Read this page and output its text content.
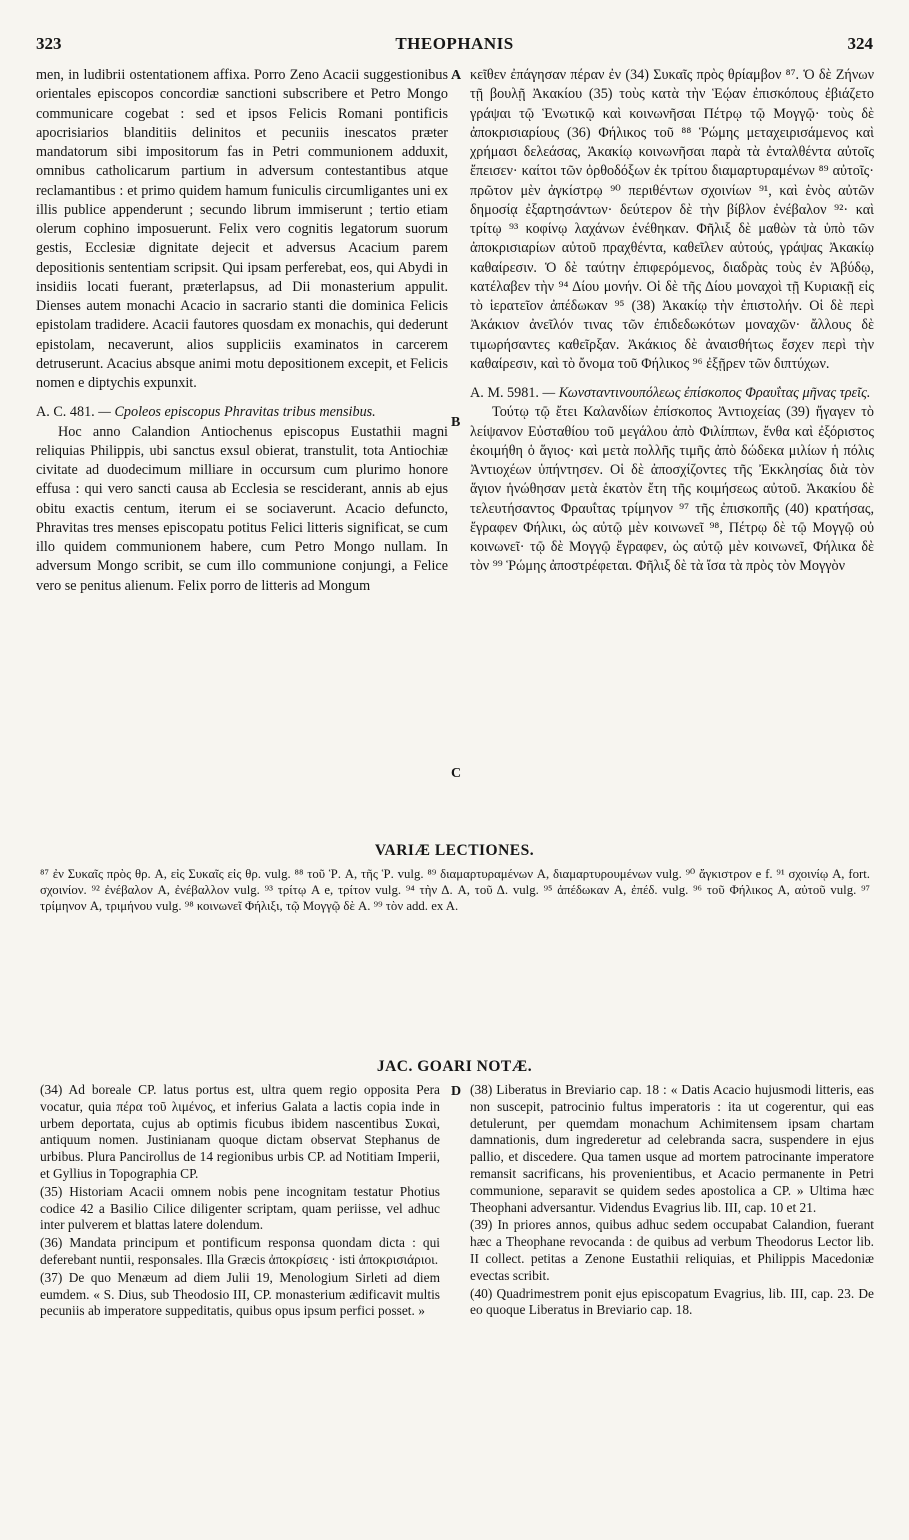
323	THEOPHANIS	324

men, in ludibrii ostentationem affixa. Porro Zeno Acacii suggestionibus orientales episcopos concordiæ sanctioni subscribere et Petro Mongo communicare cogebat : sed et ipsos Felicis Romani pontificis apocrisiarios blanditiis delinitos et pecuniis inescatos præter mandatorum sibi impositorum fas in Petri communionem adduxit, omnibus catholicarum partium in adversum contestantibus atque reclamantibus : et primo quidem hamum funiculis circumligantes uni ex illis publice appenderunt ; secundo librum immiserunt ; tertio etiam olerum cophino imposuerunt. Felix vero cognitis legatorum suorum gestis, Ecclesiæ dignitate dejecit et adversus Acacium parem depositionis sententiam scripsit. Qui ipsam perferebat, eos, qui Abydi in insidiis locati fuerant, præterlapsus, ad Dii monasterium appulit. Dienses autem monachi Acacio in sacrario stanti die dominica Felicis epistolam tradidere. Acacii fautores quosdam ex monachis, qui dederunt epistolam, necaverunt, alios suppliciis examinatos in carcerem detruserunt. Acacius absque animi motu depositionem excepit, et Felicis nomen e diptychis expunxit.

A. C. 481. — Cpoleos episcopus Phravitas tribus mensibus.

Hoc anno Calandion Antiochenus episcopus Eustathii magni reliquias Philippis, ubi sanctus exsul obierat, transtulit, tota Antiochiæ civitate ad duodecimum milliare in occursum cum plurimo honore effusa : qui vero sancti causa ab Ecclesia se resciderant, annis ab ejus obitu exactis centum, iterum ei se sociaverunt. Acacio defuncto, Phravitas tres menses episcopatu potitus Felici litteris significat, se cum illo quidem communionem habere, cum Petro Mongo nullam. In adversum Mongo scribit, se cum illo communione conjungi, a Felice vero se penitus alienum. Felix porro de litteris ad Mongum

A
B
C

κεῖθεν ἐπάγησαν πέραν ἐν (34) Συκαῖς πρὸς θρίαμβον ⁸⁷. Ὁ δὲ Ζήνων τῇ βουλῇ Ἀκακίου (35) τοὺς κατὰ τὴν Ἑῴαν ἐπισκόπους ἐβιάζετο γράψαι τῷ Ἑνωτικῷ καὶ κοινωνῆσαι Πέτρῳ τῷ Μογγῷ· τοὺς δὲ ἀποκρισιαρίους (36) Φήλικος τοῦ ⁸⁸ Ῥώμης μεταχειρισάμενος καὶ χρήμασι δελεάσας, Ἀκακίῳ κοινωνῆσαι παρὰ τὰ ἐνταλθέντα αὐτοῖς ἔπεισεν· καίτοι τῶν ὀρθοδόξων ἐκ τρίτου διαμαρτυραμένων ⁸⁹ αὐτοῖς· πρῶτον μὲν ἀγκίστρῳ ⁹⁰ περιθέντων σχοινίων ⁹¹, καὶ ἑνὸς αὐτῶν δημοσίᾳ ἐξαρτησάντων· δεύτερον δὲ τὴν βίβλον ἐνέβαλον ⁹²· καὶ τρίτῳ ⁹³ κοφίνῳ λαχάνων ἐνέθηκαν. Φῆλιξ δὲ μαθὼν τὰ ὑπὸ τῶν ἀποκρισιαρίων αὐτοῦ πραχθέντα, καθεῖλεν αὐτούς, γράψας Ἀκακίῳ καθαίρεσιν. Ὁ δὲ ταύτην ἐπιφερόμενος, διαδρὰς τοὺς ἐν Ἀβύδῳ, κατέλαβεν τὴν ⁹⁴ Δίου μονήν. Οἱ δὲ τῆς Δίου μοναχοὶ τῇ Κυριακῇ εἰς τὸ ἱερατεῖον ἀπέδωκαν ⁹⁵ (38) Ἀκακίῳ τὴν ἐπιστολήν. Οἱ δὲ περὶ Ἀκάκιον ἀνεῖλόν τινας τῶν ἐπιδεδωκότων μοναχῶν· ἄλλους δὲ τιμωρήσαντες καθεῖρξαν. Ἀκάκιος δὲ ἀναισθήτως ἔσχεν περὶ τὴν καθαίρεσιν, καὶ τὸ ὄνομα τοῦ Φήλικος ⁹⁶ ἐξῇρεν τῶν διπτύχων.

A. M. 5981. — Κωνσταντινουπόλεως ἐπίσκοπος Φραυΐτας μῆνας τρεῖς.

Τούτῳ τῷ ἔτει Καλανδίων ἐπίσκοπος Ἀντιοχείας (39) ἤγαγεν τὸ λείψανον Εὐσταθίου τοῦ μεγάλου ἀπὸ Φιλίππων, ἔνθα καὶ ἐξόριστος ἐκοιμήθη ὁ ἅγιος· καὶ μετὰ πολλῆς τιμῆς ἀπὸ δώδεκα μιλίων ἡ πόλις Ἀντιοχέων ὑπήντησεν. Οἱ δὲ ἀποσχίζοντες τῆς Ἐκκλησίας διὰ τὸν ἅγιον ἡνώθησαν μετὰ ἑκατὸν ἔτη τῆς κοιμήσεως αὐτοῦ. Ἀκακίου δὲ τελευτήσαντος Φραυΐτας τρίμηνον ⁹⁷ τῆς ἐπισκοπῆς (40) κρατήσας, ἔγραφεν Φήλικι, ὡς αὐτῷ μὲν κοινωνεῖ ⁹⁸, Πέτρῳ δὲ τῷ Μογγῷ οὐ κοινωνεῖ· τῷ δὲ Μογγῷ ἔγραφεν, ὡς αὐτῷ μὲν κοινωνεῖ, Φήλικα δὲ τὸν ⁹⁹ Ῥώμης ἀποστρέφεται. Φῆλιξ δὲ τὰ ἴσα τὰ πρὸς τὸν Μογγὸν

VARIÆ LECTIONES.
⁸⁷ ἐν Συκαῖς πρὸς θρ. A, εἰς Συκαῖς εἰς θρ. vulg. ⁸⁸ τοῦ Ῥ. A, τῆς Ῥ. vulg. ⁸⁹ διαμαρτυραμένων A, διαμαρτυρουμένων vulg. ⁹⁰ ἄγκιστρον e f. ⁹¹ σχοινίῳ A, fort. σχοινίον. ⁹² ἐνέβαλον A, ἐνέβαλλον vulg. ⁹³ τρίτῳ A e, τρίτον vulg. ⁹⁴ τὴν Δ. A, τοῦ Δ. vulg. ⁹⁵ ἀπέδωκαν A, ἐπέδ. vulg. ⁹⁶ τοῦ Φήλικος A, αὐτοῦ vulg. ⁹⁷ τρίμηνον A, τριμήνου vulg. ⁹⁸ κοινωνεῖ Φήλιξι, τῷ Μογγῷ δὲ A. ⁹⁹ τὸν add. ex A.
JAC. GOARI NOTÆ.

(34) Ad boreale CP. latus portus est, ultra quem regio opposita Pera vocatur, quia πέρα τοῦ λιμένος, et inferius Galata a lactis copia inde in urbem deportata, cujus ab optimis ficubus ibidem nascentibus Συκαὶ, antiquum nomen. Justinianam quoque dictam observat Stephanus de urbibus. Plura Pancirollus de 14 regionibus urbis CP. ad Notitiam Imperii, et Gyllius in Topographia CP.

(35) Historiam Acacii omnem nobis pene incognitam testatur Photius codice 42 a Basilio Cilice diligenter scriptam, quam periisse, vel adhuc inter pulverem et blattas latere dolendum.

(36) Mandata principum et pontificum responsa quondam dicta : qui deferebant nuntii, responsales. Illa Græcis ἀποκρίσεις · isti ἀποκρισιάριοι.

(37) De quo Menæum ad diem Julii 19, Menologium Sirleti ad diem eumdem. « S. Dius, sub Theodosio III, CP. monasterium ædificavit multis pecuniis ab imperatore suppeditatis, quibus opus ipsum perfici posset. »

D (38) Liberatus in Breviario cap. 18 : « Datis Acacio hujusmodi litteris, eas non suscepit, patrocinio fultus imperatoris : ita ut cogerentur, qui eas detulerunt, per quemdam monachum Achimitensem ipsam chartam damnationis, dum ingrederetur ad celebranda sacra, suspendere in ejus pallio, et discedere. Qua tamen usque ad mortem patrocinante imperatore remansit sacrificans, his provenientibus, et Acacio permanente in Petri communione, separavit se quidem sedes apostolica a CP. » Ultima hæc Theophani adversantur. Videndus Evagrius lib. III, cap. 10 et 21.

(39) In priores annos, quibus adhuc sedem occupabat Calandion, fuerant hæc a Theophane revocanda : de quibus ad verbum Theodorus Lector lib. II collect. petitas a Zenone Eustathii reliquias, et Philippis Macedoniæ evectas scribit.

(40) Quadrimestrem ponit ejus episcopatum Evagrius, lib. III, cap. 23. De eo quoque Liberatus in Breviario cap. 18.
